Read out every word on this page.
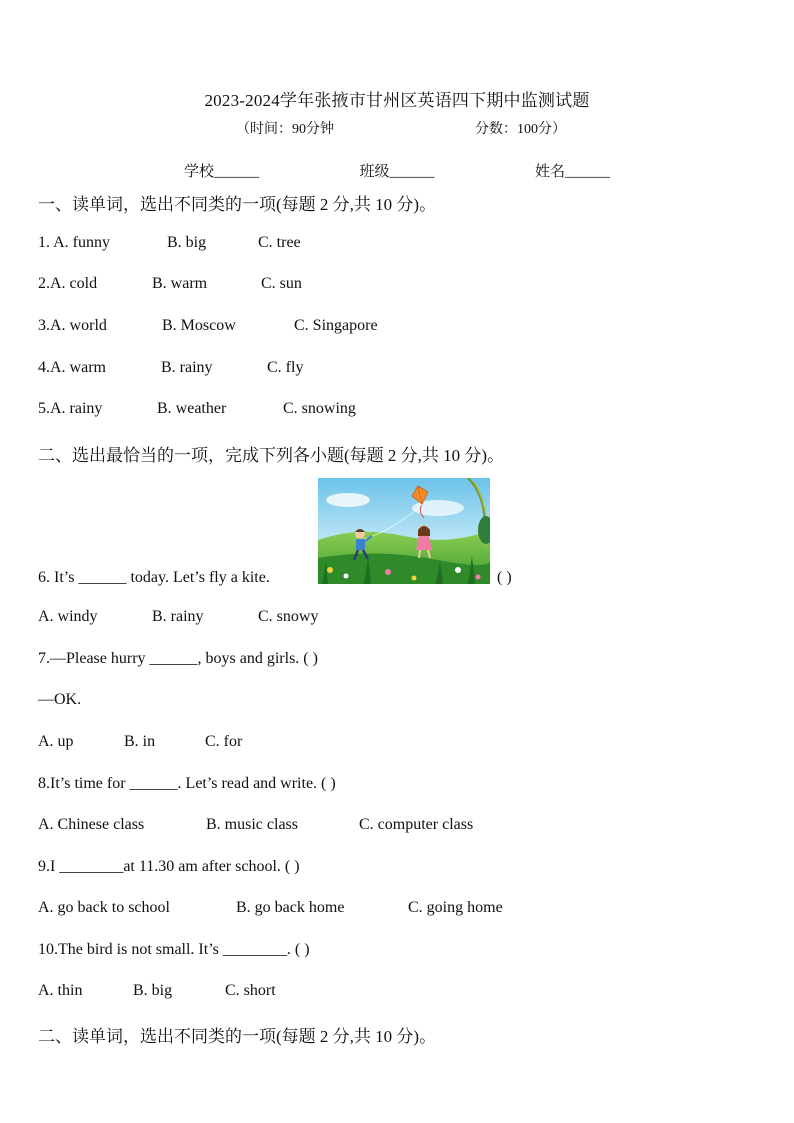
2023-2024学年张掖市甘州区英语四下期中监测试题
（时间：90分钟	分数：100分）
学校______	班级______	姓名______
一、读单词，选出不同类的一项(每题 2 分,共 10 分)。
1. A. funny	B. big	C. tree
2.A. cold	B. warm	C. sun
3.A. world	B. Moscow	C. Singapore
4.A. warm	B. rainy	C. fly
5.A. rainy	B. weather	C. snowing
二、选出最恰当的一项，完成下列各小题(每题 2 分,共 10 分)。
6. It’s ______ today. Let’s fly a kite.	( )
A. windy	B. rainy	C. snowy
7.—Please hurry ______, boys and girls. ( )
—OK.
A. up	B. in	C. for
8.It’s time for ______. Let’s read and write. ( )
A. Chinese class	B. music class	C. computer class
9.I ________at 11.30 am after school. ( )
A. go back to school	B. go back home	C. going home
10.The bird is not small. It’s ________. ( )
A. thin	B. big	C. short
二、读单词，选出不同类的一项(每题 2 分,共 10 分)。
